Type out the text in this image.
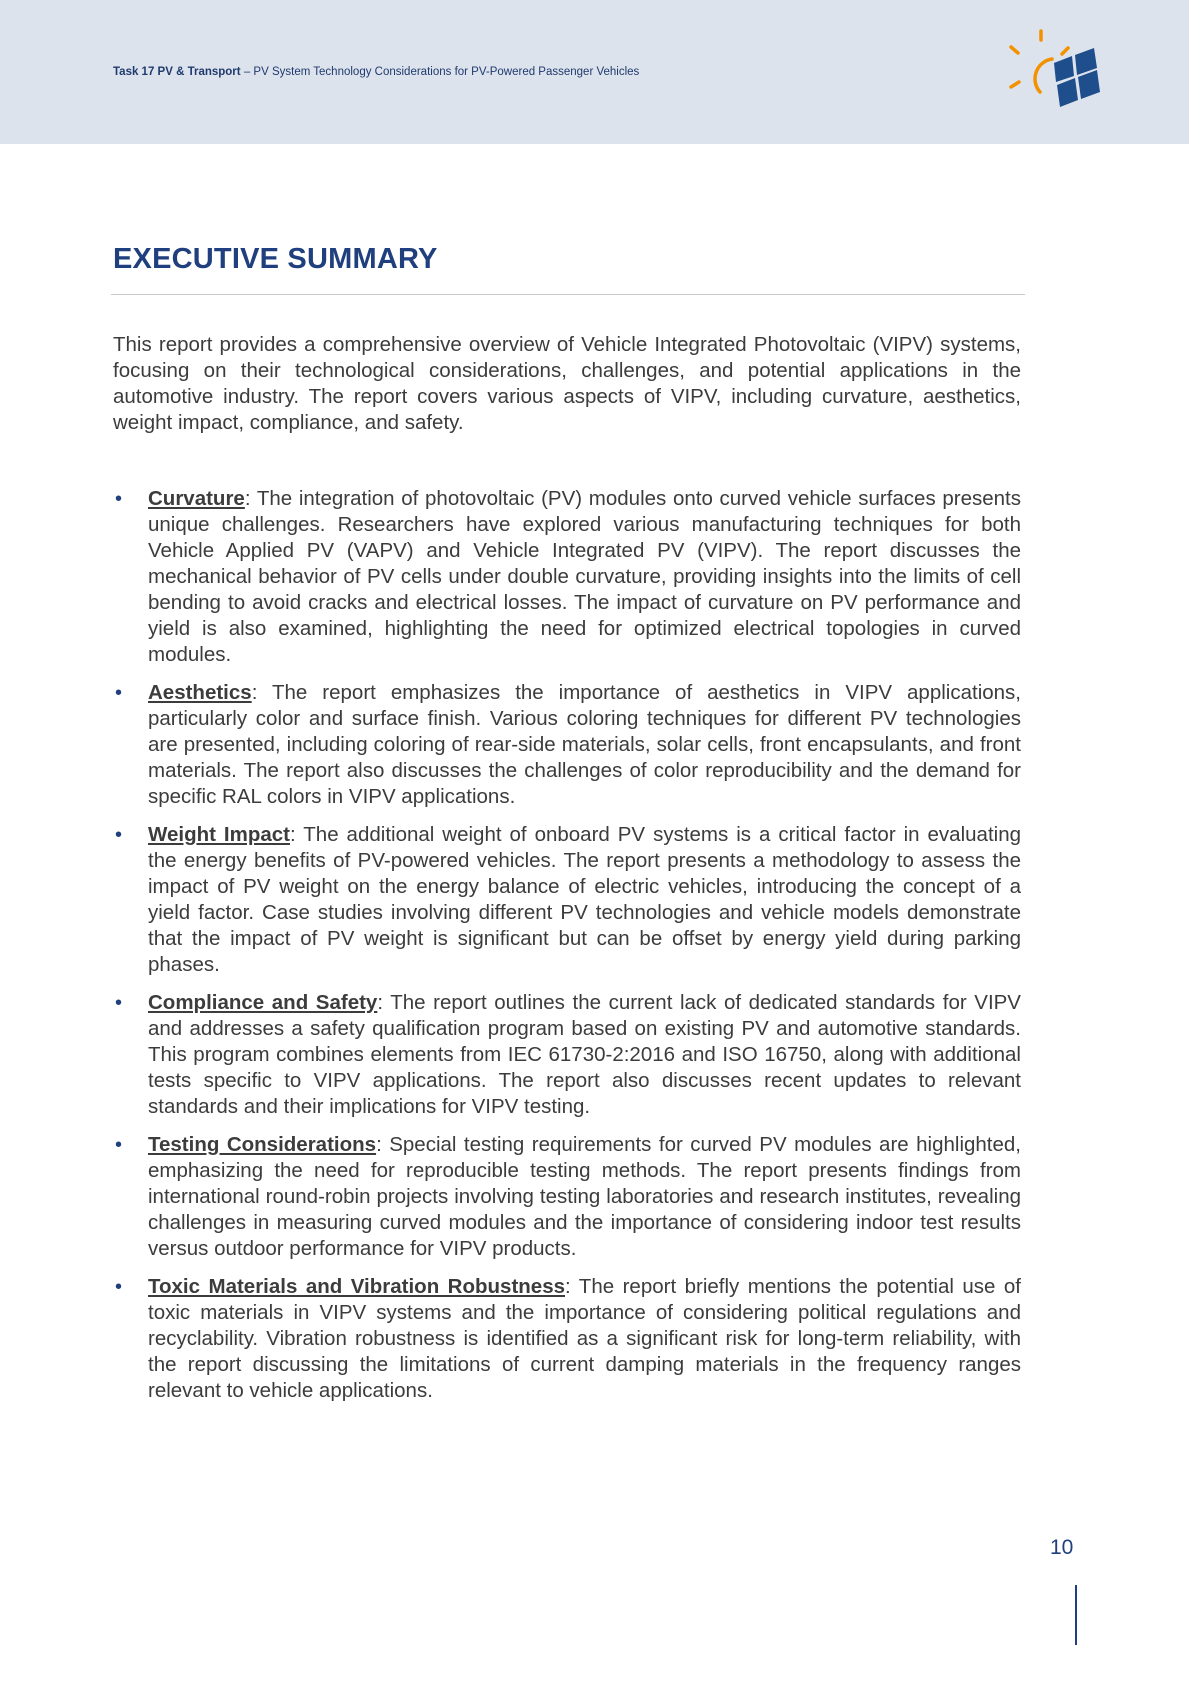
Task 17 PV & Transport – PV System Technology Considerations for PV-Powered Passenger Vehicles
EXECUTIVE SUMMARY

This report provides a comprehensive overview of Vehicle Integrated Photovoltaic (VIPV) systems, focusing on their technological considerations, challenges, and potential applications in the automotive industry. The report covers various aspects of VIPV, including curvature, aesthetics, weight impact, compliance, and safety.

• Curvature: The integration of photovoltaic (PV) modules onto curved vehicle surfaces presents unique challenges. Researchers have explored various manufacturing techniques for both Vehicle Applied PV (VAPV) and Vehicle Integrated PV (VIPV). The report discusses the mechanical behavior of PV cells under double curvature, providing insights into the limits of cell bending to avoid cracks and electrical losses. The impact of curvature on PV performance and yield is also examined, highlighting the need for optimized electrical topologies in curved modules.
• Aesthetics: The report emphasizes the importance of aesthetics in VIPV applications, particularly color and surface finish. Various coloring techniques for different PV technologies are presented, including coloring of rear-side materials, solar cells, front encapsulants, and front materials. The report also discusses the challenges of color reproducibility and the demand for specific RAL colors in VIPV applications.
• Weight Impact: The additional weight of onboard PV systems is a critical factor in evaluating the energy benefits of PV-powered vehicles. The report presents a methodology to assess the impact of PV weight on the energy balance of electric vehicles, introducing the concept of a yield factor. Case studies involving different PV technologies and vehicle models demonstrate that the impact of PV weight is significant but can be offset by energy yield during parking phases.
• Compliance and Safety: The report outlines the current lack of dedicated standards for VIPV and addresses a safety qualification program based on existing PV and automotive standards. This program combines elements from IEC 61730-2:2016 and ISO 16750, along with additional tests specific to VIPV applications. The report also discusses recent updates to relevant standards and their implications for VIPV testing.
• Testing Considerations: Special testing requirements for curved PV modules are highlighted, emphasizing the need for reproducible testing methods. The report presents findings from international round-robin projects involving testing laboratories and research institutes, revealing challenges in measuring curved modules and the importance of considering indoor test results versus outdoor performance for VIPV products.
• Toxic Materials and Vibration Robustness: The report briefly mentions the potential use of toxic materials in VIPV systems and the importance of considering political regulations and recyclability. Vibration robustness is identified as a significant risk for long-term reliability, with the report discussing the limitations of current damping materials in the frequency ranges relevant to vehicle applications.
10
